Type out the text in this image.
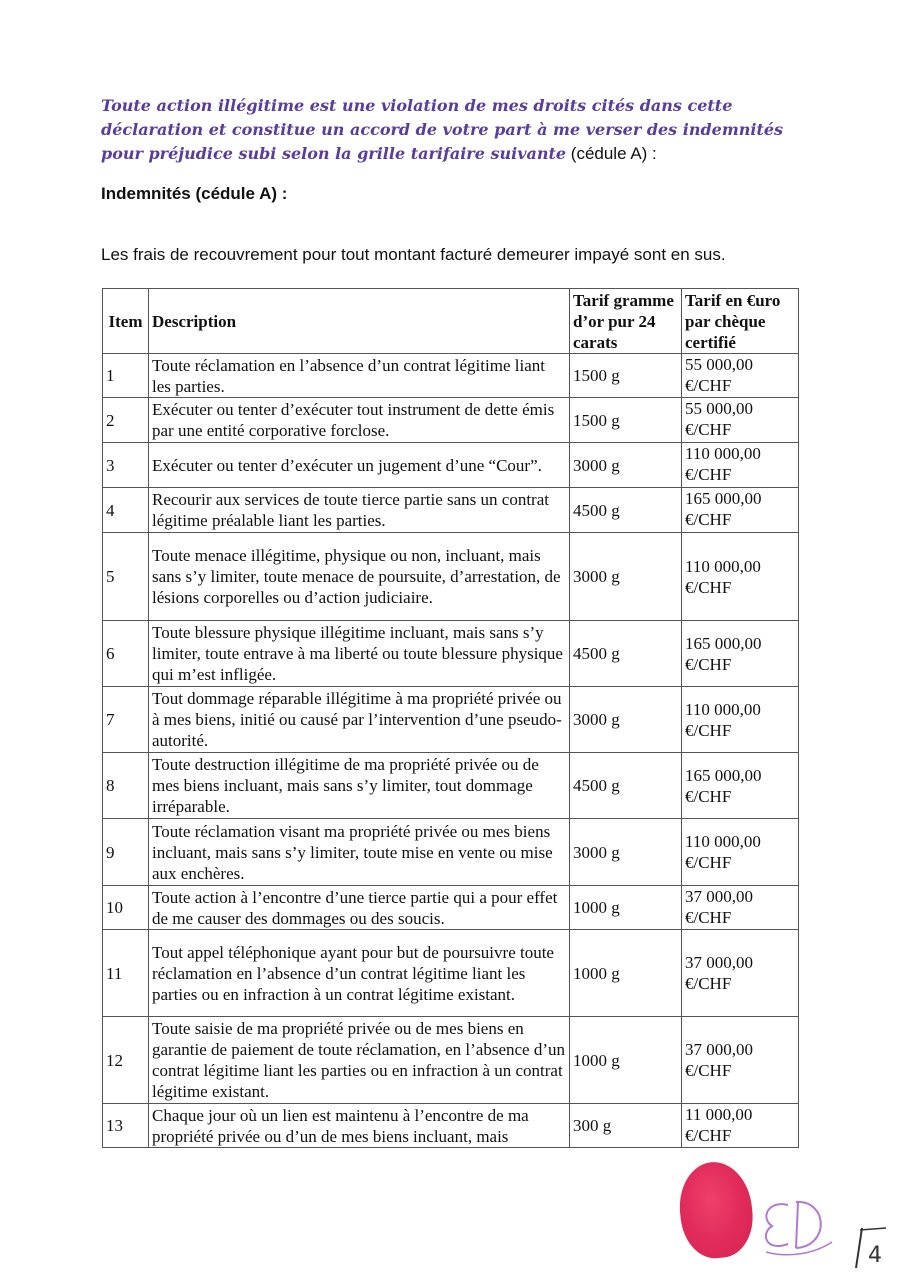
Toute action illégitime est une violation de mes droits cités dans cette déclaration et constitue un accord de votre part à me verser des indemnités pour préjudice subi selon la grille tarifaire suivante (cédule A) :
Indemnités (cédule A) :
Les frais de recouvrement pour tout montant facturé demeurer impayé sont en sus.
Item	Description	Tarif gramme d’or pur 24 carats	Tarif en €uro par chèque certifié
1	Toute réclamation en l’absence d’un contrat légitime liant les parties.	1500 g	55 000,00 €/CHF
2	Exécuter ou tenter d’exécuter tout instrument de dette émis par une entité corporative forclose.	1500 g	55 000,00 €/CHF
3	Exécuter ou tenter d’exécuter un jugement d’une “Cour”.	3000 g	110 000,00 €/CHF
4	Recourir aux services de toute tierce partie sans un contrat légitime préalable liant les parties.	4500 g	165 000,00 €/CHF
5	Toute menace illégitime, physique ou non, incluant, mais sans s’y limiter, toute menace de poursuite, d’arrestation, de lésions corporelles ou d’action judiciaire.	3000 g	110 000,00 €/CHF
6	Toute blessure physique illégitime incluant, mais sans s’y limiter, toute entrave à ma liberté ou toute blessure physique qui m’est infligée.	4500 g	165 000,00 €/CHF
7	Tout dommage réparable illégitime à ma propriété privée ou à mes biens, initié ou causé par l’intervention d’une pseudo-autorité.	3000 g	110 000,00 €/CHF
8	Toute destruction illégitime de ma propriété privée ou de mes biens incluant, mais sans s’y limiter, tout dommage irréparable.	4500 g	165 000,00 €/CHF
9	Toute réclamation visant ma propriété privée ou mes biens incluant, mais sans s’y limiter, toute mise en vente ou mise aux enchères.	3000 g	110 000,00 €/CHF
10	Toute action à l’encontre d’une tierce partie qui a pour effet de me causer des dommages ou des soucis.	1000 g	37 000,00 €/CHF
11	Tout appel téléphonique ayant pour but de poursuivre toute réclamation en l’absence d’un contrat légitime liant les parties ou en infraction à un contrat légitime existant.	1000 g	37 000,00 €/CHF
12	Toute saisie de ma propriété privée ou de mes biens en garantie de paiement de toute réclamation, en l’absence d’un contrat légitime liant les parties ou en infraction à un contrat légitime existant.	1000 g	37 000,00 €/CHF
13	Chaque jour où un lien est maintenu à l’encontre de ma propriété privée ou d’un de mes biens incluant, mais	300 g	11 000,00 €/CHF
4
